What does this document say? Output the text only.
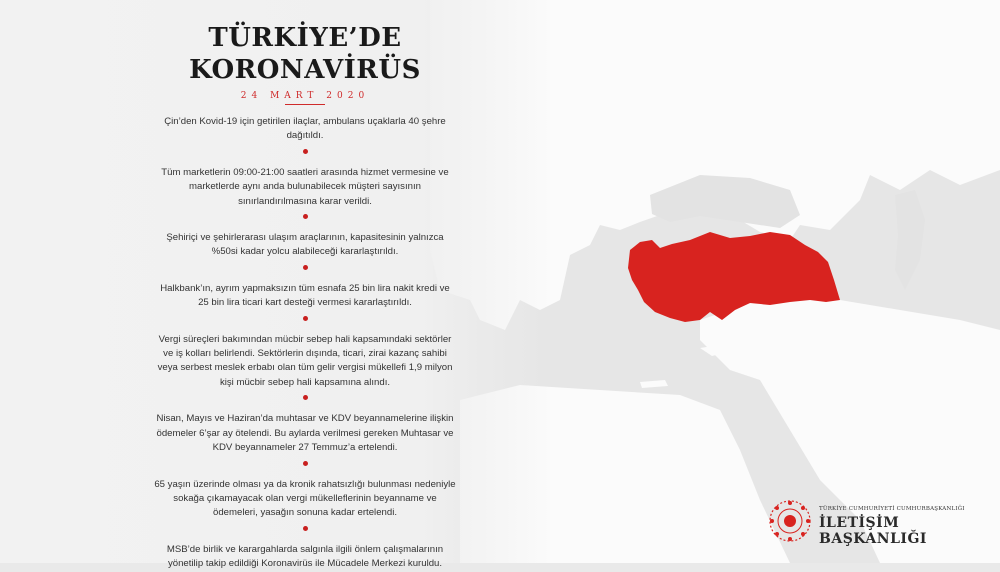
TÜRKİYE’DE
KORONAVİRÜS
24 MART 2020
Çin’den Kovid-19 için getirilen ilaçlar, ambulans uçaklarla 40 şehre dağıtıldı.
Tüm marketlerin 09:00-21:00 saatleri arasında hizmet vermesine ve marketlerde aynı anda bulunabilecek müşteri sayısının sınırlandırılmasına karar verildi.
Şehiriçi ve şehirlerarası ulaşım araçlarının, kapasitesinin yalnızca %50si kadar yolcu alabileceği kararlaştırıldı.
Halkbank’ın, ayrım yapmaksızın tüm esnafa 25 bin lira nakit kredi ve 25 bin lira ticari kart desteği vermesi kararlaştırıldı.
Vergi süreçleri bakımından mücbir sebep hali kapsamındaki sektörler ve iş kolları belirlendi. Sektörlerin dışında, ticari, zirai kazanç sahibi veya serbest meslek erbabı olan tüm gelir vergisi mükellefi 1,9 milyon kişi mücbir sebep hali kapsamına alındı.
Nisan, Mayıs ve Haziran’da muhtasar ve KDV beyannamelerine ilişkin ödemeler 6’şar ay ötelendi. Bu aylarda verilmesi gereken Muhtasar ve KDV beyannameler 27 Temmuz’a ertelendi.
65 yaşın üzerinde olması ya da kronik rahatsızlığı bulunması nedeniyle sokağa çıkamayacak olan vergi mükelleflerinin beyanname ve ödemeleri, yasağın sonuna kadar ertelendi.
MSB’de birlik ve karargahlarda salgınla ilgili önlem çalışmalarının yönetilip takip edildiği Koronavirüs ile Mücadele Merkezi kuruldu.
TÜRKİYE CUMHURİYETİ CUMHURBAŞKANLIĞI
İLETİŞİM BAŞKANLIĞI
